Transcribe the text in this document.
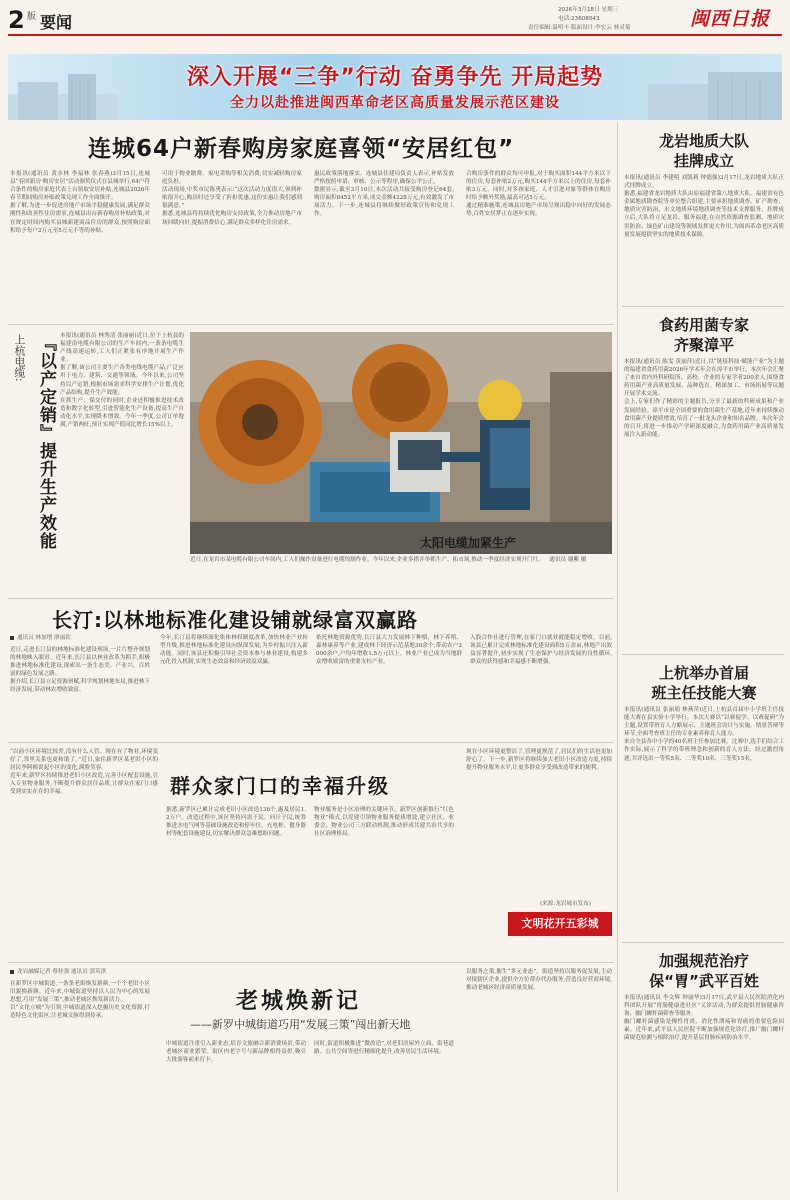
2 版 要闻
2026年3月18日 星期三
电话:23608043
责任编辑:温明丰 版面设计:李宏云 林灵菊	闽西日报
深入开展“三争”行动 奋勇争先 开局起势
全力以赴推进闽西革命老区高质量发展示范区建设
连城64户新春购房家庭喜领“安居红包”
本报讯(通讯员 黄水林 李福林 张春燕)3月15日,连城县“春回新房·购房安居”活动颁奖仪式在县城举行,64户符合条件的购房家庭代表上台领取安居补贴,连城县2026年春节期间购房补贴政策兑现工作全面推开。
据了解,为进一步促进房地产市场平稳健康发展,满足群众刚性和改善性住房需求,连城县出台新春购房补贴政策,对在规定时间内购买县城新建商品住房的群众,按照购房面积给予每户2万元至5万元不等的补贴。
可用于物业缴费、家电采购等相关消费,切实减轻购房家庭负担。
活动现场,中奖市民陈勇表示:“这次活动力度很大,领到补贴很开心,购房时还享受了折扣优惠,这份实惠让我们感到很满意。”
据悉,连城县将持续优化购房支持政策,全力推动房地产市场回暖向好,提振消费信心,满足群众多样化住房需求。
惠民政策落地落实。连城县住建局负责人表示,补贴发放严格按照申请、审核、公示等程序,确保公平公正。
数据显示,截至3月10日,本次活动共接受购房登记64套,购房面积8452平方米,成交金额4228万元,有效激发了市场活力。下一步,连城县将继续做好政策宣传和兑现工作。
合购房条件的群众均可申报,对于购买面积144平方米以下的住房,每套补贴2万元,购买144平方米以上的住房,每套补贴3万元。同时,对多孩家庭、人才引进对象等群体在购房时给予额外奖励,最高可达5万元。
通过精准施策,连城县房地产市场呈现出稳中向好的发展态势,百姓安居梦正在逐步实现。
上杭电缆: 『以产定销』提升生产效能 本报讯(通讯员 林秀清 张丽丽)近日,位于上杭县的福建南电缆有限公司的生产车间内,一条条电缆生产线高速运转,工人们正紧张有序地开展生产作业。
据了解,该公司主要生产各类电线电缆产品,广泛应用于电力、建筑、交通等领域。今年以来,公司坚持以产定销,根据市场需求科学安排生产计划,优化产品结构,提升生产效能。
在抓生产、保交付的同时,企业还积极推进技术改造和数字化转型,引进智能化生产设备,提高生产自动化水平,实现降本增效。今年一季度,公司订单饱满,产销两旺,预计实现产值同比增长15%以上。
太阳电缆加紧生产
近日,在龙岩市某电缆有限公司车间内,工人们操作设备进行电缆绞制作业。今年以来,企业多措并举抓生产、拓市场,推动一季度经济实现开门红。   通讯员 谢紫 摄
长汀:以林地标准化建设铺就绿富双赢路
通讯员 林加增 廖丽钦
近日,走进长汀县的林地标准化建设现场,一片片整齐规划的林地映入眼帘。近年来,长汀县以林业改革为抓手,积极推进林地标准化建设,探索出一条生态美、产业兴、百姓富的绿色发展之路。
据介绍,长汀县立足资源禀赋,科学规划林地布局,推进林下经济发展,带动林农增收致富。
今年,长汀县将继续深化集体林权制度改革,加快林业产业转型升级,推进林地标准化建设向纵深发展,为乡村振兴注入新动能。同时,该县还积极引导社会资本参与林业建设,构建多元化投入机制,实现生态效益和经济效益双赢。
依托林地资源优势,长汀县大力发展林下种植、林下养殖、森林康养等产业,建成林下经济示范基地30余个,带动农户2000余户,户均年增收1.5万元以上。林业产业已成为当地群众增收致富的重要支柱产业。
入股合作社进行管理,在家门口就业就能稳定增收。目前,该县已累计完成林地标准化建设面积5万余亩,林地产出效益显著提升,初步实现了生态保护与经济发展的良性循环,群众的获得感和幸福感不断增强。
“以前小区环境比较差,没有什么人管。现在有了物业,环境变好了,邻里关系也更和谐了。”近日,家住新罗区某老旧小区的居民李阿姨说起小区的变化,满脸笑容。
近年来,新罗区持续推进老旧小区改造,完善小区配套设施,引入专业物业服务,不断提升群众居住品质,让群众在家门口感受到实实在在的幸福。	群众家门口的幸福升级
据悉,新罗区已累计完成老旧小区改造136个,惠及居民1.2万户。改造过程中,该区坚持问需于民、问计于民,统筹推进水电气网等基础设施改造和停车位、充电桩、健身器材等配套设施建设,切实解决群众急难愁盼问题。
物业服务是小区治理的关键环节。新罗区创新推行“红色物业”模式,以党建引领物业服务提质增效,建立社区、业委会、物业公司三方联动机制,推动形成共建共治共享的社区治理格局。
现在小区环境更整洁了,管理更规范了,居民们的生活也更加舒心了。下一步,新罗区将继续加大老旧小区改造力度,持续提升物业服务水平,让更多群众享受到改造带来的便利。
(来源:龙岩城市发布)
文明花开五彩城
龙岩融媒记者 蔡桂强 通讯员 郭英淇
在新罗区中城街道,一条条老街焕发新颜,一个个老旧小区旧貌换新颜。近年来,中城街道坚持以人民为中心的发展思想,巧用“发展三策”,推动老城区焕发新活力。
以“文化立城”为引领,中城街道深入挖掘历史文化资源,打造特色文化街区,让老城文脉得到传承。
老城焕新记
——新罗中城街道巧用“发展三策”闯出新天地
中城街道注重引入新业态,培育文旅融合新消费场景,带动老城区商业繁荣。街区内老字号与新品牌相得益彰,吸引大批游客前来打卡。
同时,街道积极推进“微改造”,对老旧房屋外立面、街巷道路、公共空间等进行精细化提升,改善居民生活环境。
以服务之策,催生“多元业态”。街道坚持以服务促发展,主动对接辖区企业,提供全方位帮办代办服务,营造良好营商环境,推动老城区经济高质量发展。
龙岩地质大队
挂牌成立
本报讯(通讯员 李建明 刘凯莉 钟德强)3月17日,龙岩地质大队正式挂牌成立。
据悉,福建省龙岩地质大队由原福建省第八地质大队、福建省有色金属地质勘查院等单位整合组建,主要承担地质调查、矿产勘查、地质灾害防治、水文地质环境地质调查等技术支撑服务。挂牌成立后,大队将立足龙岩、服务福建,在自然资源调查监测、地质灾害防治、绿色矿山建设等领域发挥更大作用,为闽西革命老区高质量发展提供坚实的地质技术保障。
食药用菌专家
齐聚漳平
本报讯(通讯员 陈雯 黄丽萍)近日,以“链接科技·赋能产业”为主题的福建省食药用菌2026年学术年会在漳平市举行。本次年会汇聚了来自省内外科研院所、高校、企业的专家学者200余人,围绕食药用菌产业高质量发展、品种选育、精深加工、市场拓展等议题开展学术交流。
会上,专家们作了精彩的主题报告,分享了最新的科研成果和产业发展经验。漳平市是全国重要的食用菌生产基地,近年来持续推动食用菌产业提质增效,培育了一批龙头企业和知名品牌。本次年会的召开,将进一步推动产学研深度融合,为食药用菌产业高质量发展注入新动能。
上杭举办首届
班主任技能大赛
本报讯(通讯员 张丽娟 林燕萍)近日,上杭县首届中小学班主任技能大赛在县实验小学举行。本次大赛以“以赛促学、以赛促研”为主题,设置带班育人方略展示、主题班会设计与实施、情景答辩等环节,全面考查班主任的专业素养和育人能力。
来自全县各中小学的40名班主任参加比赛。比赛中,选手们结合工作实际,展示了科学的带班理念和创新的育人方法。经过激烈角逐,共评选出一等奖5名、二等奖10名、三等奖15名。
加强规范治疗
保“胃”武平百姓
本报讯(通讯员 李文辉 钟丽华)3月17日,武平县人民医院消化内科团队开展“胃肠健康进社区”义诊活动,为群众提供胃肠健康咨询、幽门螺杆菌筛查等服务。
幽门螺杆菌感染是慢性胃炎、消化性溃疡和胃癌的重要危险因素。近年来,武平县人民医院不断加强规范化诊疗,推广幽门螺杆菌规范检测与根除治疗,提升基层胃肠疾病防治水平。
